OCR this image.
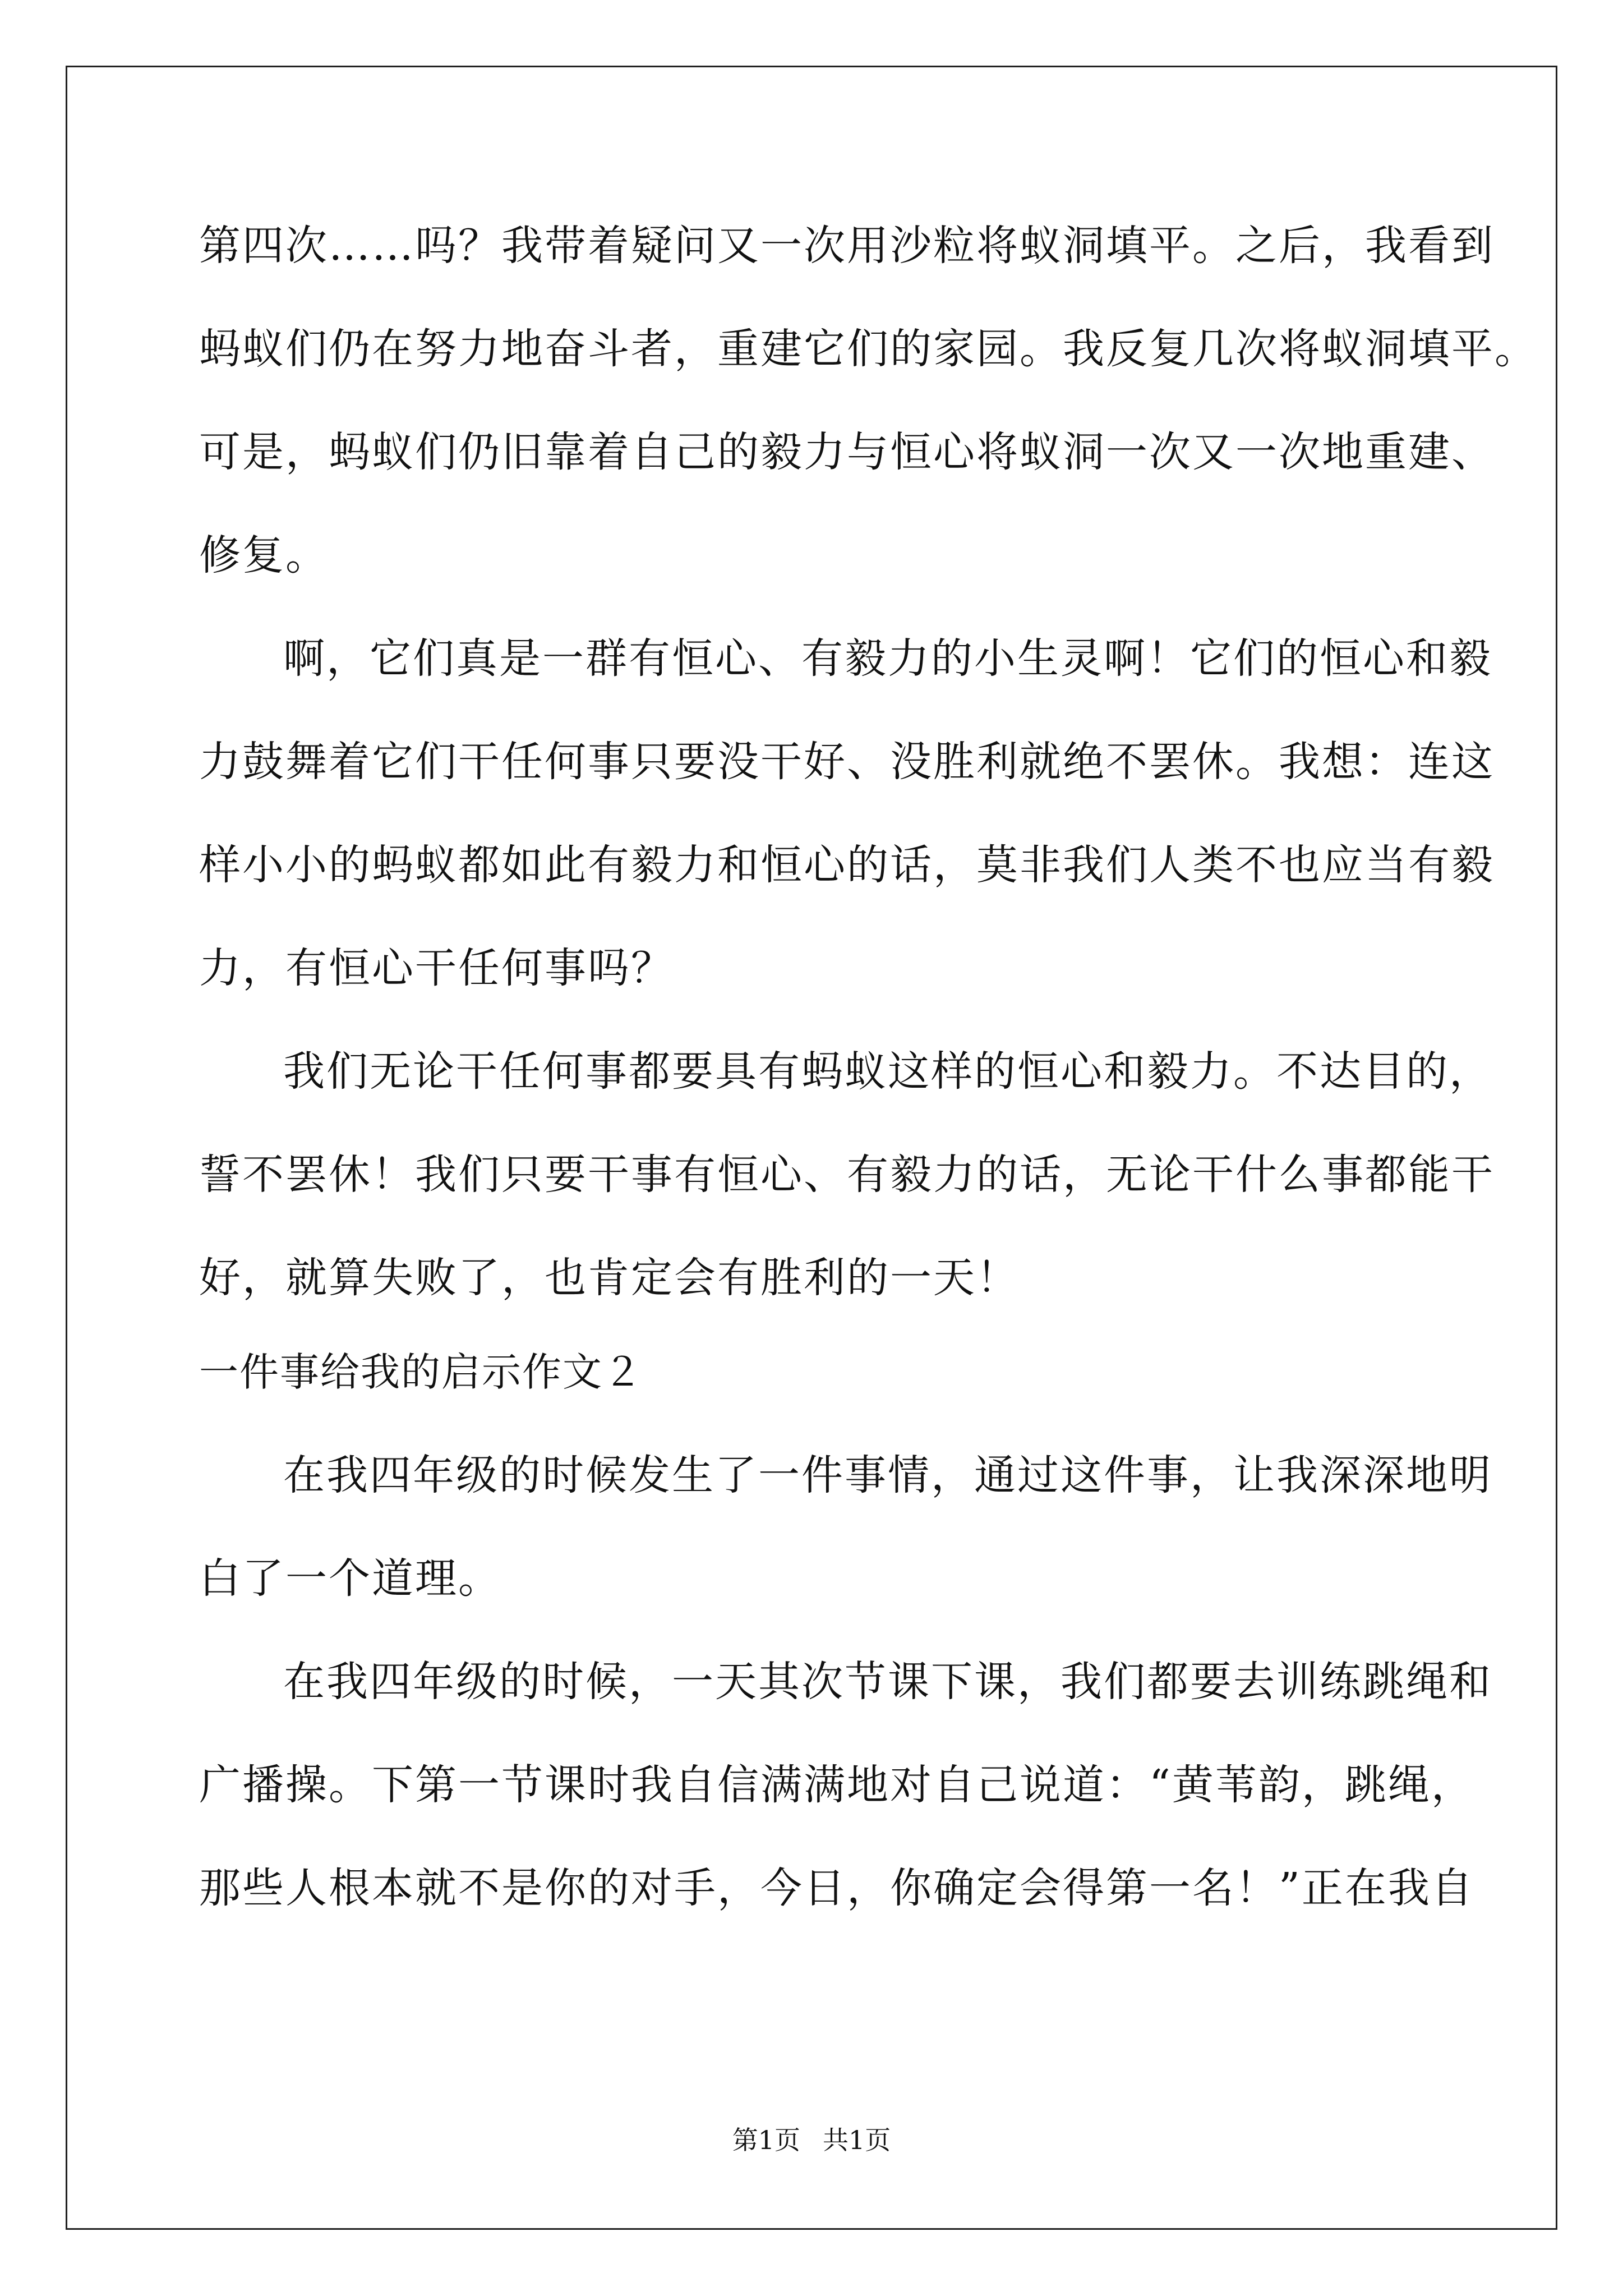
第四次……吗？我带着疑问又一次用沙粒将蚁洞填平。之后，我看到
蚂蚁们仍在努力地奋斗者，重建它们的家园。我反复几次将蚁洞填平。
可是，蚂蚁们仍旧靠着自己的毅力与恒心将蚁洞一次又一次地重建、
修复。
啊，它们真是一群有恒心、有毅力的小生灵啊！它们的恒心和毅
力鼓舞着它们干任何事只要没干好、没胜利就绝不罢休。我想：连这
样小小的蚂蚁都如此有毅力和恒心的话，莫非我们人类不也应当有毅
力，有恒心干任何事吗？
我们无论干任何事都要具有蚂蚁这样的恒心和毅力。不达目的，
誓不罢休！我们只要干事有恒心、有毅力的话，无论干什么事都能干
好，就算失败了，也肯定会有胜利的一天！
一件事给我的启示作文２
在我四年级的时候发生了一件事情，通过这件事，让我深深地明
白了一个道理。
在我四年级的时候，一天其次节课下课，我们都要去训练跳绳和
广播操。下第一节课时我自信满满地对自己说道：“黄苇韵，跳绳，
那些人根本就不是你的对手，今日，你确定会得第一名！”正在我自
第1页 共1页
